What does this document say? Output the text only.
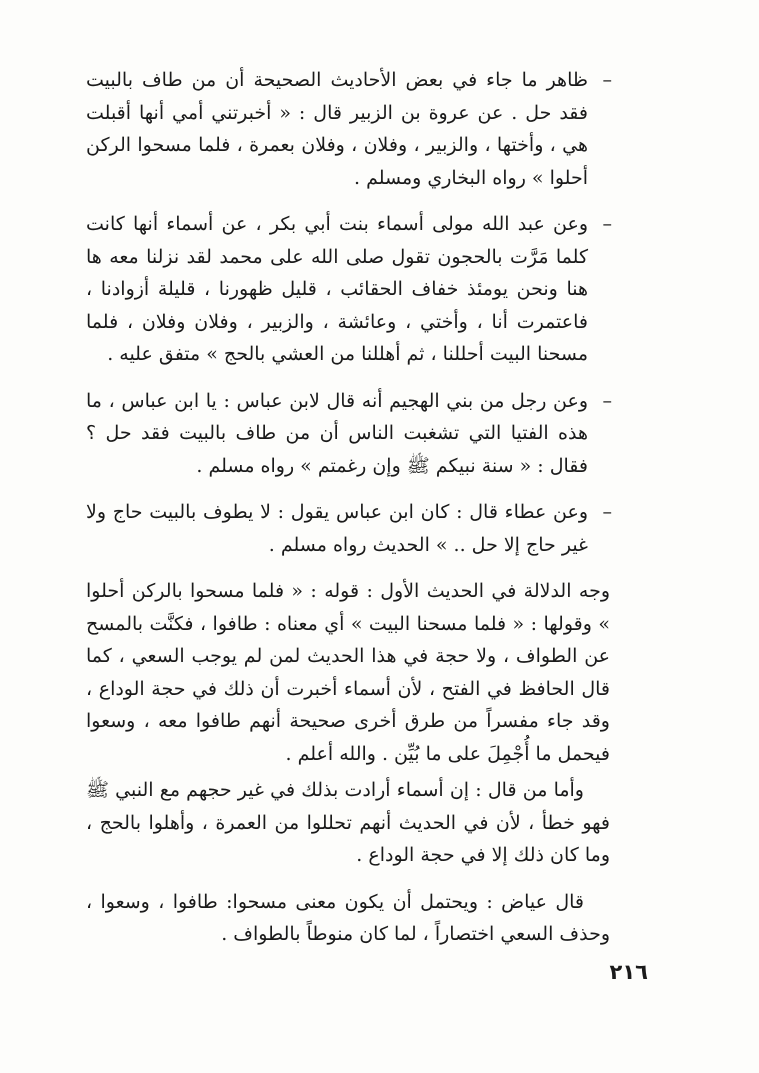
–
ظاهر ما جاء في بعض الأحاديث الصحيحة أن من طاف بالبيت فقد حل . عن عروة بن الزبير قال : « أخبرتني أمي أنها أقبلت هي ، وأختها ، والزبير ، وفلان ، وفلان بعمرة ، فلما مسحوا الركن أحلوا » رواه البخاري ومسلم .
–
وعن عبد الله مولى أسماء بنت أبي بكر ، عن أسماء أنها كانت كلما مَرَّت بالحجون تقول صلى الله على محمد لقد نزلنا معه ها هنا ونحن يومئذ خفاف الحقائب ، قليل ظهورنا ، قليلة أزوادنا ، فاعتمرت أنا ، وأختي ، وعائشة ، والزبير ، وفلان وفلان ، فلما مسحنا البيت أحللنا ، ثم أهللنا من العشي بالحج » متفق عليه .
–
وعن رجل من بني الهجيم أنه قال لابن عباس : يا ابن عباس ، ما هذه الفتيا التي تشغبت الناس أن من طاف بالبيت فقد حل ؟ فقال : « سنة نبيكم ﷺ وإن رغمتم » رواه مسلم .
–
وعن عطاء قال : كان ابن عباس يقول : لا يطوف بالبيت حاج ولا غير حاج إلا حل .. » الحديث رواه مسلم .

وجه الدلالة في الحديث الأول : قوله : « فلما مسحوا بالركن أحلوا » وقولها : « فلما مسحنا البيت » أي معناه : طافوا ، فكنَّت بالمسح عن الطواف ، ولا حجة في هذا الحديث لمن لم يوجب السعي ، كما قال الحافظ في الفتح ، لأن أسماء أخبرت أن ذلك في حجة الوداع ، وقد جاء مفسراً من طرق أخرى صحيحة أنهم طافوا معه ، وسعوا فيحمل ما أُجْمِلَ على ما بُيِّن . والله أعلم .

وأما من قال : إن أسماء أرادت بذلك في غير حجهم مع النبي ﷺ فهو خطأ ، لأن في الحديث أنهم تحللوا من العمرة ، وأهلوا بالحج ، وما كان ذلك إلا في حجة الوداع .

قال عياض : ويحتمل أن يكون معنى مسحوا: طافوا ، وسعوا ، وحذف السعي اختصاراً ، لما كان منوطاً بالطواف .

٢١٦
